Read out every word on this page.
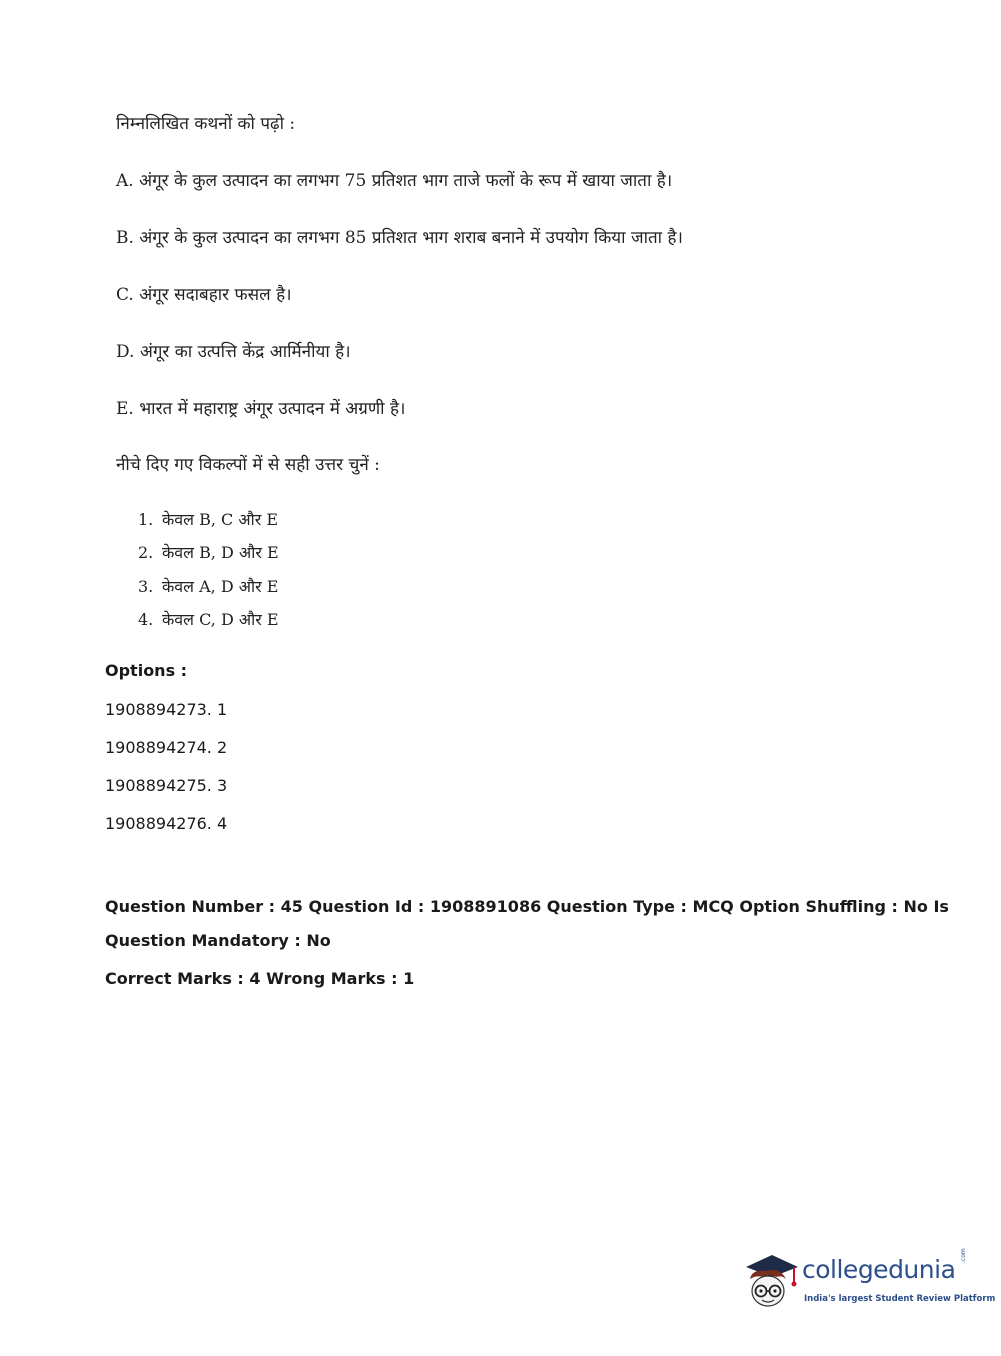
निम्नलिखित कथनों को पढ़ो :
A. अंगूर के कुल उत्पादन का लगभग 75 प्रतिशत भाग ताजे फलों के रूप में खाया जाता है।
B. अंगूर के कुल उत्पादन का लगभग 85 प्रतिशत भाग शराब बनाने में उपयोग किया जाता है।
C. अंगूर सदाबहार फसल है।
D. अंगूर का उत्पत्ति केंद्र आर्मिनीया है।
E. भारत में महाराष्ट्र अंगूर उत्पादन में अग्रणी है।
नीचे दिए गए विकल्पों में से सही उत्तर चुनें :
1. केवल B, C और E
2. केवल B, D और E
3. केवल A, D और E
4. केवल C, D और E
Options :
1908894273. 1
1908894274. 2
1908894275. 3
1908894276. 4
Question Number : 45 Question Id : 1908891086 Question Type : MCQ Option Shuffling : No Is
Question Mandatory : No
Correct Marks : 4 Wrong Marks : 1
collegedunia .com
India's largest Student Review Platform
